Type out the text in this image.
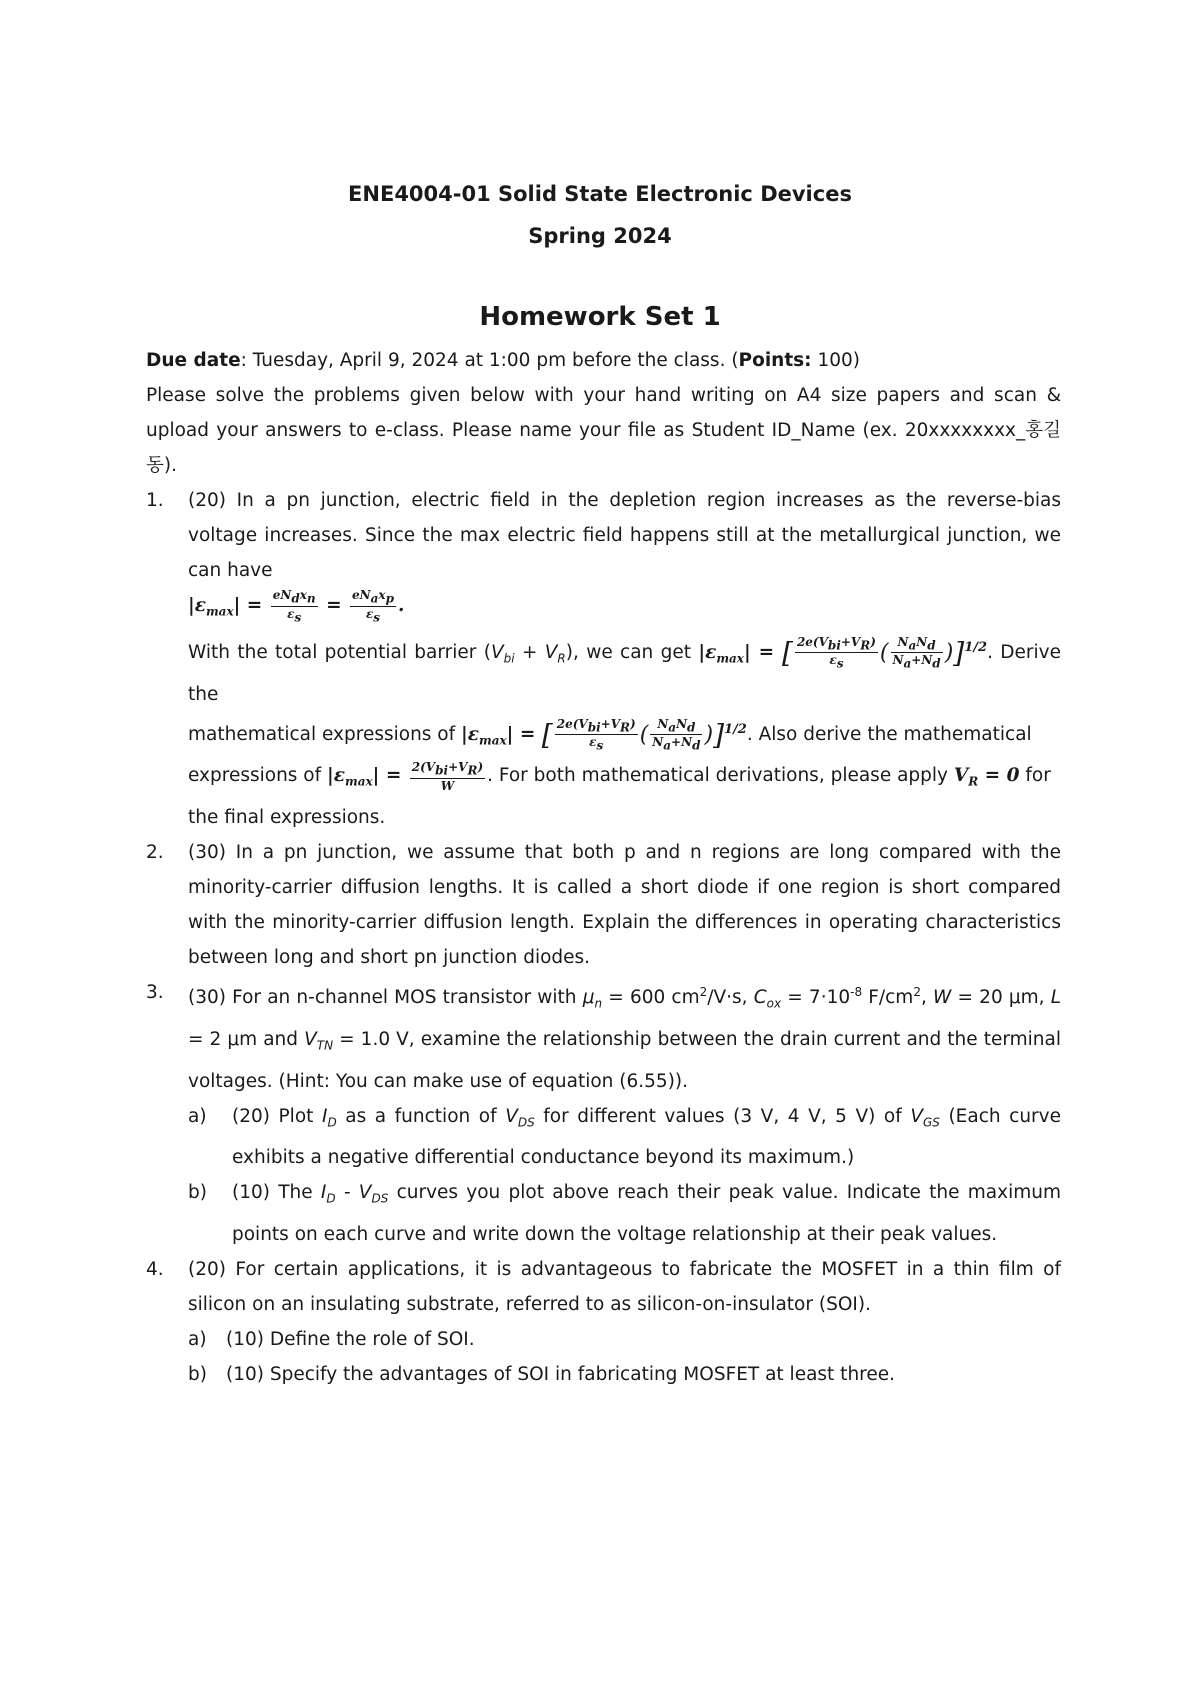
ENE4004-01 Solid State Electronic Devices
Spring 2024
Homework Set 1

Due date: Tuesday, April 9, 2024 at 1:00 pm before the class. (Points: 100)

Please solve the problems given below with your hand writing on A4 size papers and scan & upload your answers to e-class. Please name your file as Student ID_Name (ex. 20xxxxxxxx_홍길동).

1.	(20) In a pn junction, electric field in the depletion region increases as the reverse-bias voltage increases. Since the max electric field happens still at the metallurgical junction, we can have
$|\varepsilon_{max}| = \frac{eN_dx_n}{\varepsilon_s} = \frac{eN_ax_p}{\varepsilon_s}$ .
With the total potential barrier $(V_{bi} + V_R)$, we can get $|\varepsilon_{max}|$ = [ $\frac{2e(V_{bi}+V_R)}{\varepsilon_s}$ ( $\frac{N_aN_d}{N_a+N_d} )]^{1/2}$. Derive the
mathematical expressions of $|\varepsilon_{max}|$ = [ $\frac{2e(V_{bi}+V_R)}{\varepsilon_s}$ ( $\frac{N_aN_d}{N_a+N_d} )]^{1/2}$. Also derive the mathematical
expressions of $|\varepsilon_{max}| = \frac{2(V_{bi}+V_R)}{W}$ . For both mathematical derivations, please apply $V_R = 0$ for
the final expressions.
2.	(30) In a pn junction, we assume that both p and n regions are long compared with the minority-carrier diffusion lengths. It is called a short diode if one region is short compared with the minority-carrier diffusion length. Explain the differences in operating characteristics between long and short pn junction diodes.
3.	(30) For an n-channel MOS transistor with $\mu_n = 600$ $cm^2/V\cdot s$, $C_{ox} = 7\cdot 10^{-8}$ $F/cm^2$, W = 20 μm, L = 2 μm and $V_{TN} = 1.0$ V, examine the relationship between the drain current and the terminal voltages. (Hint: You can make use of equation (6.55)).
a) (20) Plot $I_D$ as a function of $V_{DS}$ for different values (3 V, 4 V, 5 V) of $V_{GS}$ (Each curve exhibits a negative differential conductance beyond its maximum.)
b) (10) The $I_D - V_{DS}$ curves you plot above reach their peak value. Indicate the maximum points on each curve and write down the voltage relationship at their peak values.
4.	(20) For certain applications, it is advantageous to fabricate the MOSFET in a thin film of silicon on an insulating substrate, referred to as silicon-on-insulator (SOI).
a) (10) Define the role of SOI.
b) (10) Specify the advantages of SOI in fabricating MOSFET at least three.
